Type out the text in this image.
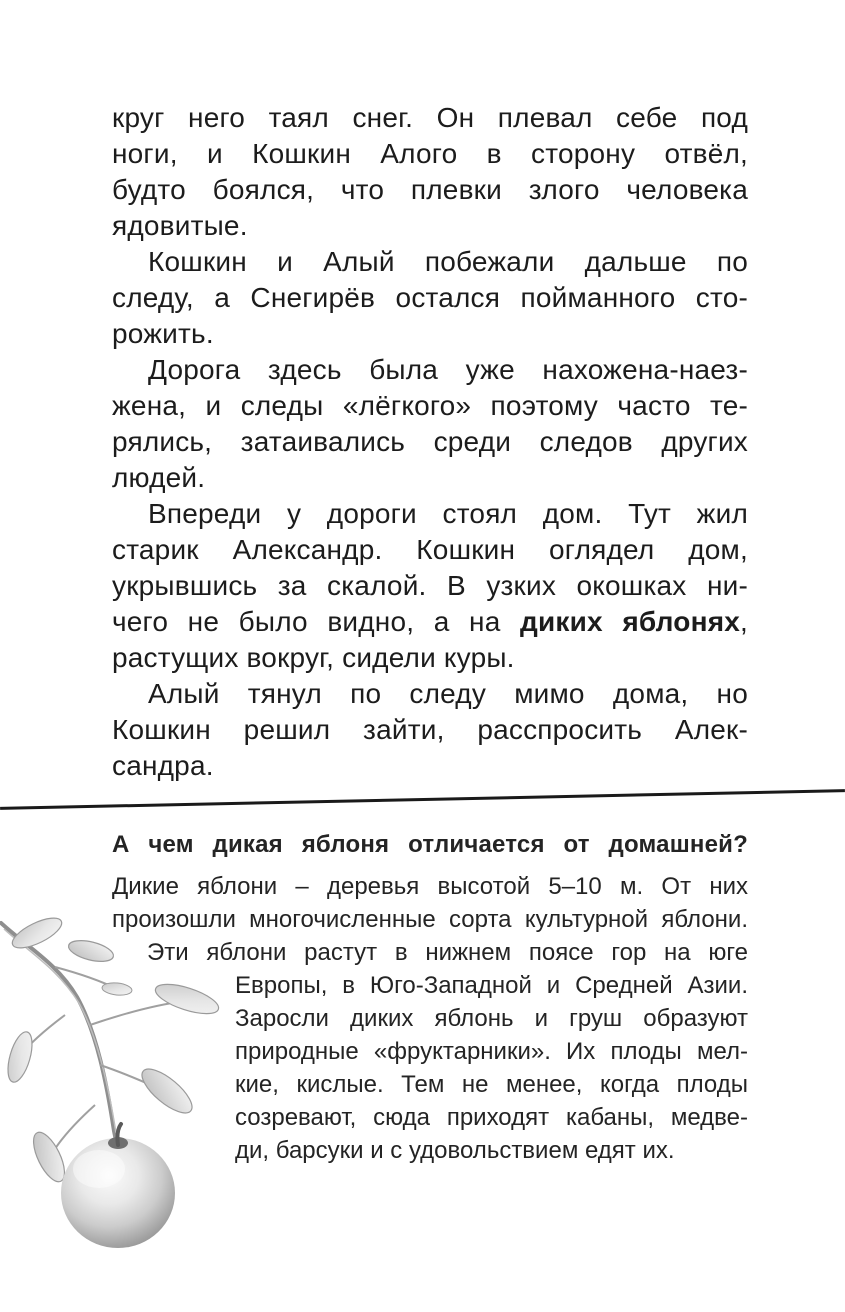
круг него таял снег. Он плевал себе под
ноги, и Кошкин Алого в сторону отвёл,
будто боялся, что плевки злого человека
ядовитые.
Кошкин и Алый побежали дальше по
следу, а Снегирёв остался пойманного сто-
рожить.
Дорога здесь была уже нахожена-наез-
жена, и следы «лёгкого» поэтому часто те-
рялись, затаивались среди следов других
людей.
Впереди у дороги стоял дом. Тут жил
старик Александр. Кошкин оглядел дом,
укрывшись за скалой. В узких окошках ни-
чего не было видно, а на диких яблонях,
растущих вокруг, сидели куры.
Алый тянул по следу мимо дома, но
Кошкин решил зайти, расспросить Алек-
сандра.
А чем дикая яблоня отличается от домашней?
Дикие яблони – деревья высотой 5–10 м. От них
произошли многочисленные сорта культурной яблони.
Эти яблони растут в нижнем поясе гор на юге
Европы, в Юго-Западной и Средней Азии.
Заросли диких яблонь и груш образуют
природные «фруктарники». Их плоды мел-
кие, кислые. Тем не менее, когда плоды
созревают, сюда приходят кабаны, медве-
ди, барсуки и с удовольствием едят их.
